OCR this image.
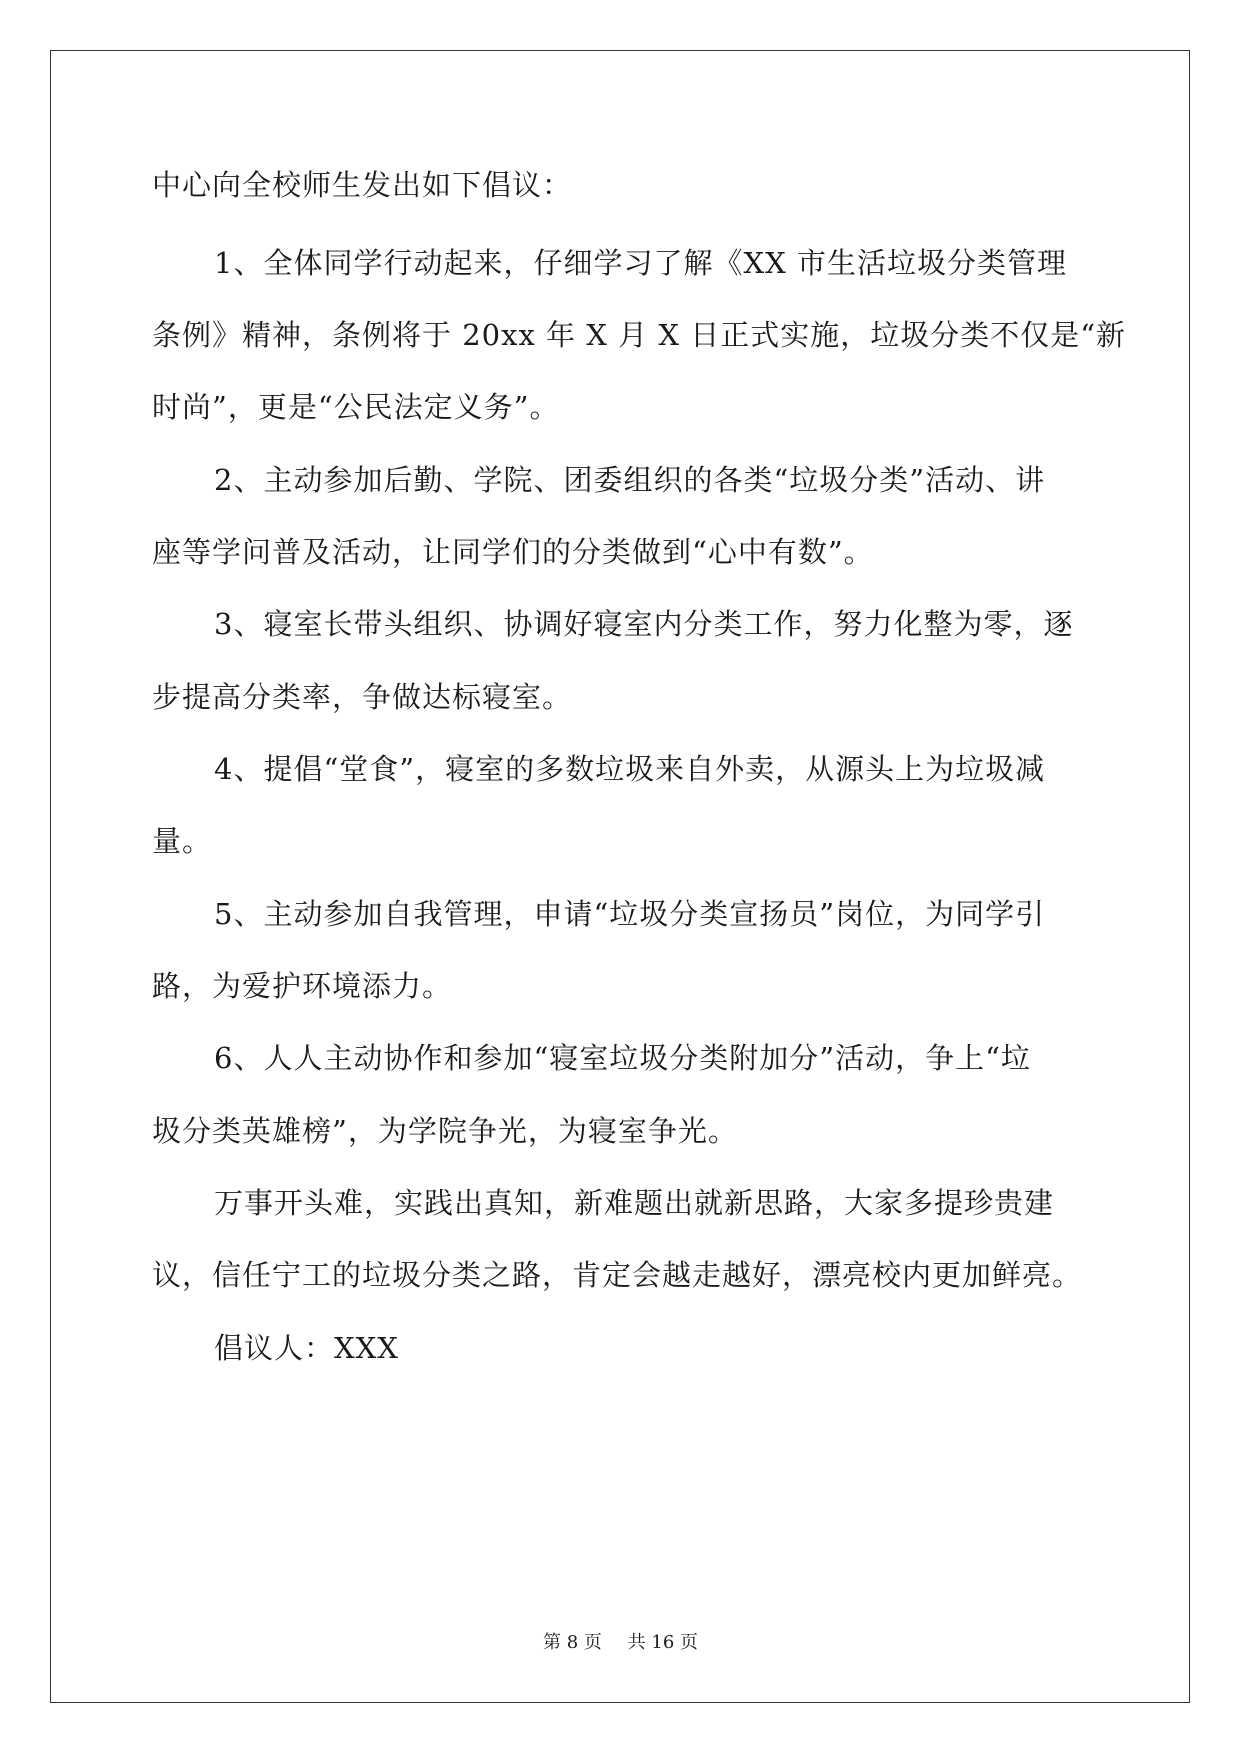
中心向全校师生发出如下倡议：
1、全体同学行动起来，仔细学习了解《XX 市生活垃圾分类管理
条例》精神，条例将于 20xx 年 X 月 X 日正式实施，垃圾分类不仅是“新
时尚”，更是“公民法定义务”。
2、主动参加后勤、学院、团委组织的各类“垃圾分类”活动、讲
座等学问普及活动，让同学们的分类做到“心中有数”。
3、寝室长带头组织、协调好寝室内分类工作，努力化整为零，逐
步提高分类率，争做达标寝室。
4、提倡“堂食”，寝室的多数垃圾来自外卖，从源头上为垃圾减
量。
5、主动参加自我管理，申请“垃圾分类宣扬员”岗位，为同学引
路，为爱护环境添力。
6、人人主动协作和参加“寝室垃圾分类附加分”活动，争上“垃
圾分类英雄榜”，为学院争光，为寝室争光。
万事开头难，实践出真知，新难题出就新思路，大家多提珍贵建
议，信任宁工的垃圾分类之路，肯定会越走越好，漂亮校内更加鲜亮。
倡议人：XXX
第 8 页 共 16 页
